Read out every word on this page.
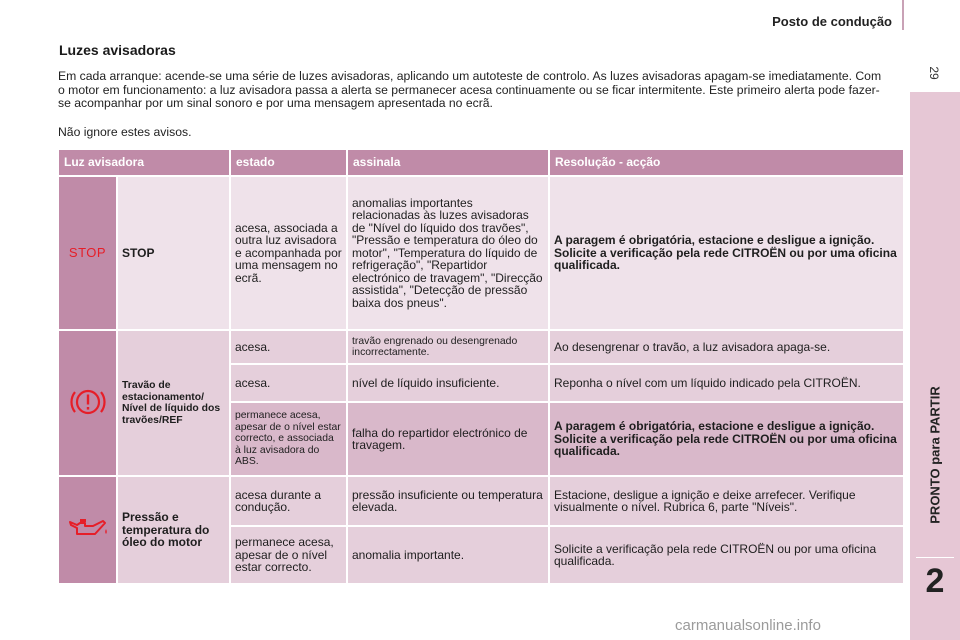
Posto de condução
29
PRONTO para PARTIR
2
Luzes avisadoras
Em cada arranque: acende-se uma série de luzes avisadoras, aplicando um autoteste de controlo. As luzes avisadoras apagam-se imediatamente. Com o motor em funcionamento: a luz avisadora passa a alerta se permanecer acesa continuamente ou se ficar intermitente. Este primeiro alerta pode fazer-se acompanhar por um sinal sonoro e por uma mensagem apresentada no ecrã.
Não ignore estes avisos.
Luz avisadora		estado	assinala	Resolução - acção
STOP	STOP	acesa, associada a outra luz avisadora e acompanhada por uma mensagem no ecrã.	anomalias importantes relacionadas às luzes avisadoras de "Nível do líquido dos travões", "Pressão e temperatura do óleo do motor", "Temperatura do líquido de refrigeração", "Repartidor electrónico de travagem", "Direcção assistida", "Detecção de pressão baixa dos pneus".	A paragem é obrigatória, estacione e desligue a ignição. Solicite a verificação pela rede CITROËN ou por uma oficina qualificada.
	Travão de estacionamento/ Nível de líquido dos travões/REF	acesa.	travão engrenado ou desengrenado incorrectamente.	Ao desengrenar o travão, a luz avisadora apaga-se.
		acesa.	nível de líquido insuficiente.	Reponha o nível com um líquido indicado pela CITROËN.
		permanece acesa, apesar de o nível estar correcto, e associada à luz avisadora do ABS.	falha do repartidor electrónico de travagem.	A paragem é obrigatória, estacione e desligue a ignição. Solicite a verificação pela rede CITROËN ou por uma oficina qualificada.
	Pressão e temperatura do óleo do motor	acesa durante a condução.	pressão insuficiente ou temperatura elevada.	Estacione, desligue a ignição e deixe arrefecer. Verifique visualmente o nível. Rubrica 6, parte "Níveis".
		permanece acesa, apesar de o nível estar correcto.	anomalia importante.	Solicite a verificação pela rede CITROËN ou por uma oficina qualificada.
carmanualsonline.info
